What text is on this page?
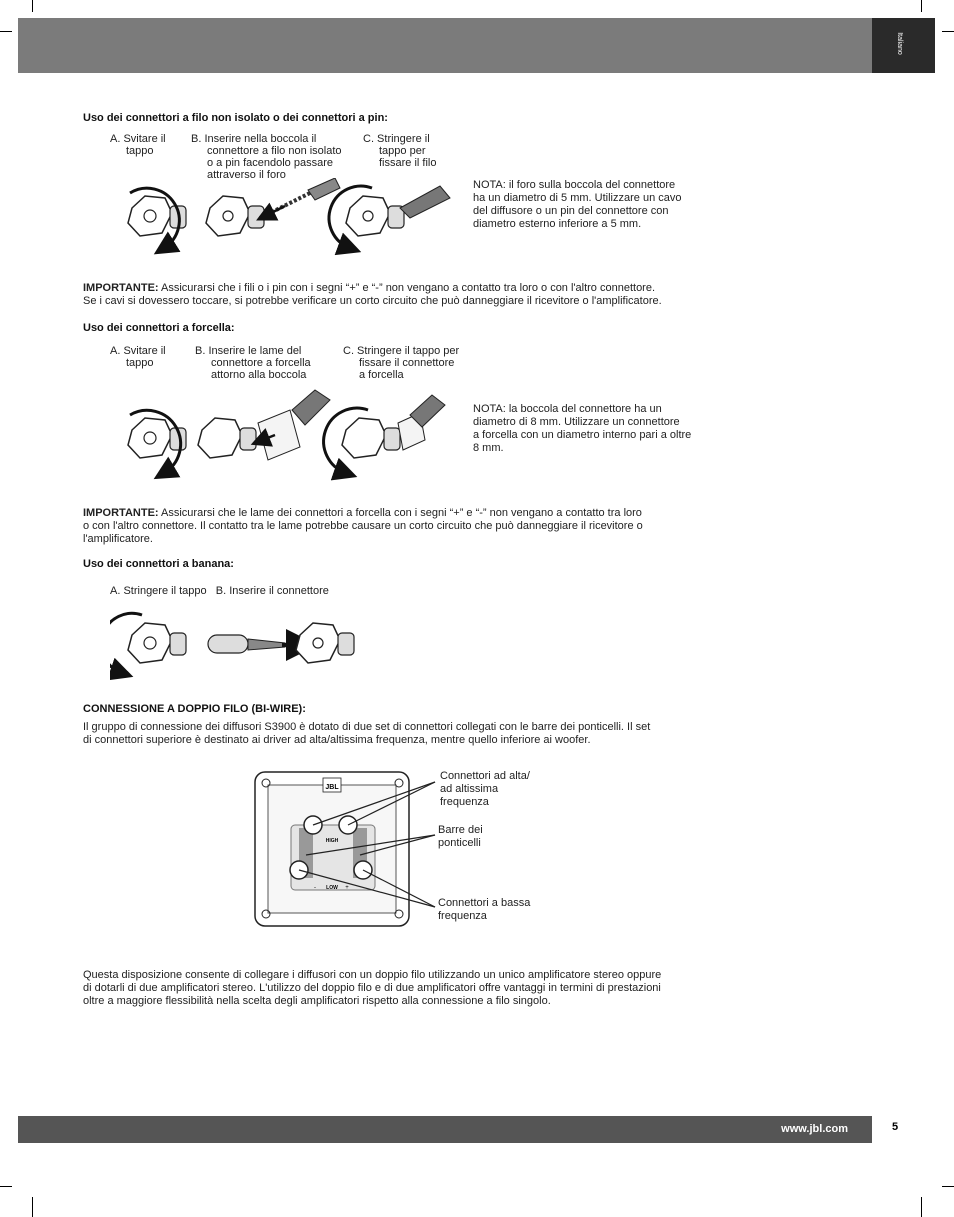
Italiano
Uso dei connettori a filo non isolato o dei connettori a pin:
A. Svitare il
tappo
B. Inserire nella boccola il
connettore a filo non isolato
o a pin facendolo passare
attraverso il foro
C. Stringere il
tappo per
fissare il filo
NOTA: il foro sulla boccola del connettore
ha un diametro di 5 mm. Utilizzare un cavo
del diffusore o un pin del connettore con
diametro esterno inferiore a 5 mm.
IMPORTANTE: Assicurarsi che i fili o i pin con i segni “+” e “-” non vengano a contatto tra loro o con l'altro connettore.
Se i cavi si dovessero toccare, si potrebbe verificare un corto circuito che può danneggiare il ricevitore o l'amplificatore.
Uso dei connettori a forcella:
A. Svitare il
tappo
B. Inserire le lame del
connettore a forcella
attorno alla boccola
C. Stringere il tappo per
fissare il connettore
a forcella
NOTA: la boccola del connettore ha un
diametro di 8 mm. Utilizzare un connettore
a forcella con un diametro interno pari a oltre
8 mm.
IMPORTANTE: Assicurarsi che le lame dei connettori a forcella con i segni “+” e “-” non vengano a contatto tra loro
o con l'altro connettore. Il contatto tra le lame potrebbe causare un corto circuito che può danneggiare il ricevitore o
l'amplificatore.
Uso dei connettori a banana:
A. Stringere il tappo   B. Inserire il connettore
CONNESSIONE A DOPPIO FILO (BI-WIRE):
Il gruppo di connessione dei diffusori S3900 è dotato di due set di connettori collegati con le barre dei ponticelli. Il set
di connettori superiore è destinato ai driver ad alta/altissima frequenza, mentre quello inferiore ai woofer.
JBL
HIGH
- LOW +
Connettori ad alta/
ad altissima
frequenza
Barre dei
ponticelli
Connettori a bassa
frequenza
Questa disposizione consente di collegare i diffusori con un doppio filo utilizzando un unico amplificatore stereo oppure
di dotarli di due amplificatori stereo. L'utilizzo del doppio filo e di due amplificatori offre vantaggi in termini di prestazioni
oltre a maggiore flessibilità nella scelta degli amplificatori rispetto alla connessione a filo singolo.
www.jbl.com	5
